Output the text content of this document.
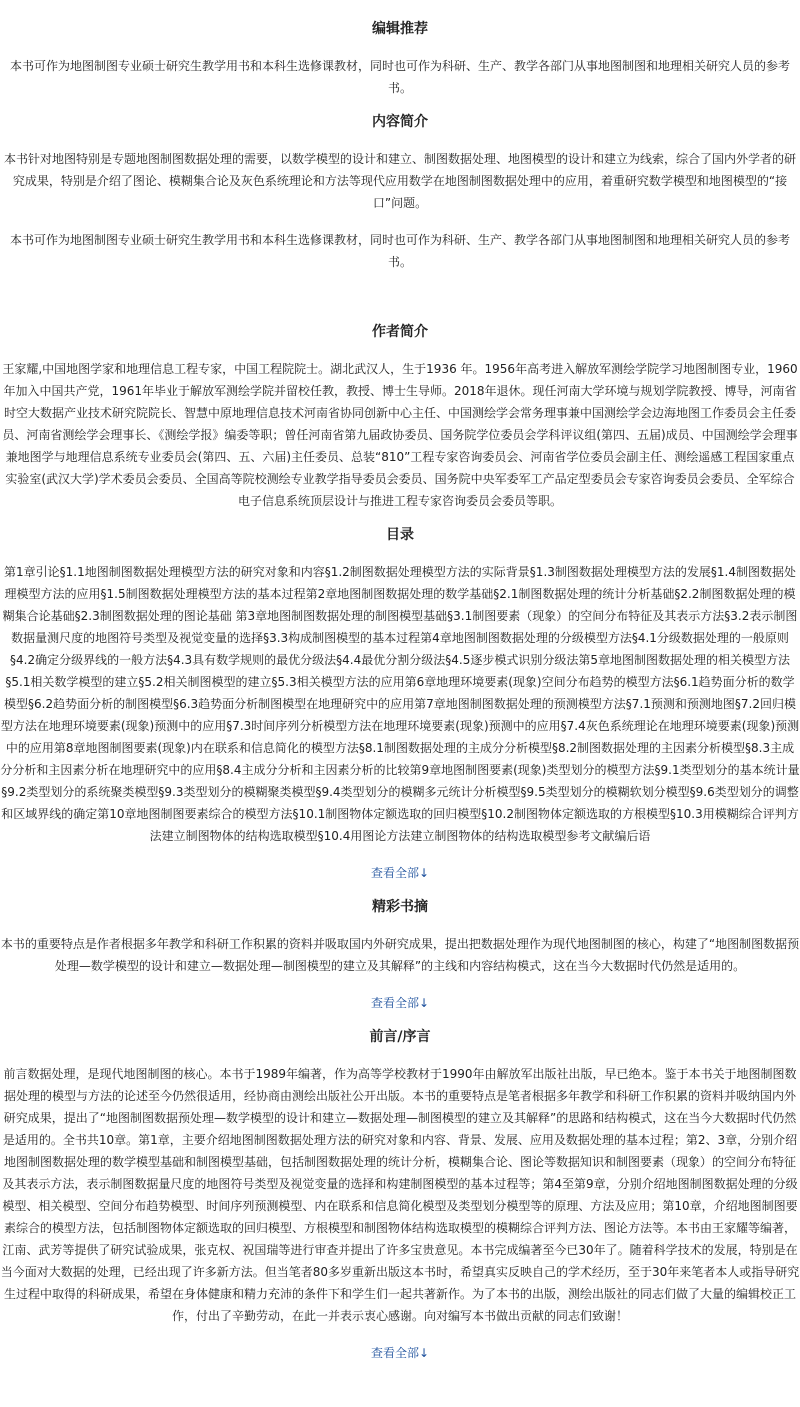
编辑推荐

本书可作为地图制图专业硕士研究生教学用书和本科生选修课教材，同时也可作为科研、生产、教学各部门从事地图制图和地理相关研究人员的参考书。

内容简介

本书针对地图特别是专题地图制图数据处理的需要，以数学模型的设计和建立、制图数据处理、地图模型的设计和建立为线索，综合了国内外学者的研究成果，特别是介绍了图论、模糊集合论及灰色系统理论和方法等现代应用数学在地图制图数据处理中的应用，着重研究数学模型和地图模型的“接口”问题。

本书可作为地图制图专业硕士研究生教学用书和本科生选修课教材，同时也可作为科研、生产、教学各部门从事地图制图和地理相关研究人员的参考书。

作者简介

王家耀,中国地图学家和地理信息工程专家，中国工程院院士。湖北武汉人，生于1936 年。1956年高考进入解放军测绘学院学习地图制图专业，1960年加入中国共产党，1961年毕业于解放军测绘学院并留校任教，教授、博士生导师。2018年退休。现任河南大学环境与规划学院教授、博导，河南省时空大数据产业技术研究院院长、智慧中原地理信息技术河南省协同创新中心主任、中国测绘学会常务理事兼中国测绘学会边海地图工作委员会主任委员、河南省测绘学会理事长、《测绘学报》编委等职；曾任河南省第九届政协委员、国务院学位委员会学科评议组(第四、五届)成员、中国测绘学会理事兼地图学与地理信息系统专业委员会(第四、五、六届)主任委员、总装“810”工程专家咨询委员会、河南省学位委员会副主任、测绘遥感工程国家重点实验室(武汉大学)学术委员会委员、全国高等院校测绘专业教学指导委员会委员、国务院中央军委军工产品定型委员会专家咨询委员会委员、全军综合电子信息系统顶层设计与推进工程专家咨询委员会委员等职。

目录

第1章引论§1.1地图制图数据处理模型方法的研究对象和内容§1.2制图数据处理模型方法的实际背景§1.3制图数据处理模型方法的发展§1.4制图数据处理模型方法的应用§1.5制图数据处理模型方法的基本过程第2章地图制图数据处理的数学基础§2.1制图数据处理的统计分析基础§2.2制图数据处理的模糊集合论基础§2.3制图数据处理的图论基础 第3章地图制图数据处理的制图模型基础§3.1制图要素（现象）的空间分布特征及其表示方法§3.2表示制图数据量测尺度的地图符号类型及视觉变量的选择§3.3构成制图模型的基本过程第4章地图制图数据处理的分级模型方法§4.1分级数据处理的一般原则§4.2确定分级界线的一般方法§4.3具有数学规则的最优分级法§4.4最优分割分级法§4.5逐步模式识别分级法第5章地图制图数据处理的相关模型方法§5.1相关数学模型的建立§5.2相关制图模型的建立§5.3相关模型方法的应用第6章地理环境要素(现象)空间分布趋势的模型方法§6.1趋势面分析的数学模型§6.2趋势面分析的制图模型§6.3趋势面分析制图模型在地理研究中的应用第7章地图制图数据处理的预测模型方法§7.1预测和预测地图§7.2回归模型方法在地理环境要素(现象)预测中的应用§7.3时间序列分析模型方法在地理环境要素(现象)预测中的应用§7.4灰色系统理论在地理环境要素(现象)预测中的应用第8章地图制图要素(现象)内在联系和信息简化的模型方法§8.1制图数据处理的主成分分析模型§8.2制图数据处理的主因素分析模型§8.3主成分分析和主因素分析在地理研究中的应用§8.4主成分分析和主因素分析的比较第9章地图制图要素(现象)类型划分的模型方法§9.1类型划分的基本统计量§9.2类型划分的系统聚类模型§9.3类型划分的模糊聚类模型§9.4类型划分的模糊多元统计分析模型§9.5类型划分的模糊软划分模型§9.6类型划分的调整和区域界线的确定第10章地图制图要素综合的模型方法§10.1制图物体定额选取的回归模型§10.2制图物体定额选取的方根模型§10.3用模糊综合评判方法建立制图物体的结构选取模型§10.4用图论方法建立制图物体的结构选取模型参考文献编后语

查看全部↓
精彩书摘

本书的重要特点是作者根据多年教学和科研工作积累的资料并吸取国内外研究成果，提出把数据处理作为现代地图制图的核心，构建了“地图制图数据预处理—数学模型的设计和建立—数据处理—制图模型的建立及其解释”的主线和内容结构模式，这在当今大数据时代仍然是适用的。

查看全部↓
前言/序言

前言数据处理，是现代地图制图的核心。本书于1989年编著，作为高等学校教材于1990年由解放军出版社出版，早已绝本。鉴于本书关于地图制图数据处理的模型与方法的论述至今仍然很适用，经协商由测绘出版社公开出版。本书的重要特点是笔者根据多年教学和科研工作积累的资料并吸纳国内外研究成果，提出了“地图制图数据预处理—数学模型的设计和建立—数据处理—制图模型的建立及其解释”的思路和结构模式，这在当今大数据时代仍然是适用的。全书共10章。第1章，主要介绍地图制图数据处理方法的研究对象和内容、背景、发展、应用及数据处理的基本过程；第2、3章，分别介绍地图制图数据处理的数学模型基础和制图模型基础，包括制图数据处理的统计分析，模糊集合论、图论等数据知识和制图要素（现象）的空间分布特征及其表示方法，表示制图数据量尺度的地图符号类型及视觉变量的选择和构建制图模型的基本过程等；第4至第9章，分别介绍地图制图数据处理的分级模型、相关模型、空间分布趋势模型、时间序列预测模型、内在联系和信息简化模型及类型划分模型等的原理、方法及应用；第10章，介绍地图制图要素综合的模型方法，包括制图物体定额选取的回归模型、方根模型和制图物体结构选取模型的模糊综合评判方法、图论方法等。本书由王家耀等编著，江南、武芳等提供了研究试验成果，张克权、祝国瑞等进行审查并提出了许多宝贵意见。本书完成编著至今已30年了。随着科学技术的发展，特别是在当今面对大数据的处理，已经出现了许多新方法。但当笔者80多岁重新出版这本书时，希望真实反映自己的学术经历，至于30年来笔者本人或指导研究生过程中取得的科研成果，希望在身体健康和精力充沛的条件下和学生们一起共著新作。为了本书的出版，测绘出版社的同志们做了大量的编辑校正工作，付出了辛勤劳动，在此一并表示衷心感谢。向对编写本书做出贡献的同志们致谢！

查看全部↓
